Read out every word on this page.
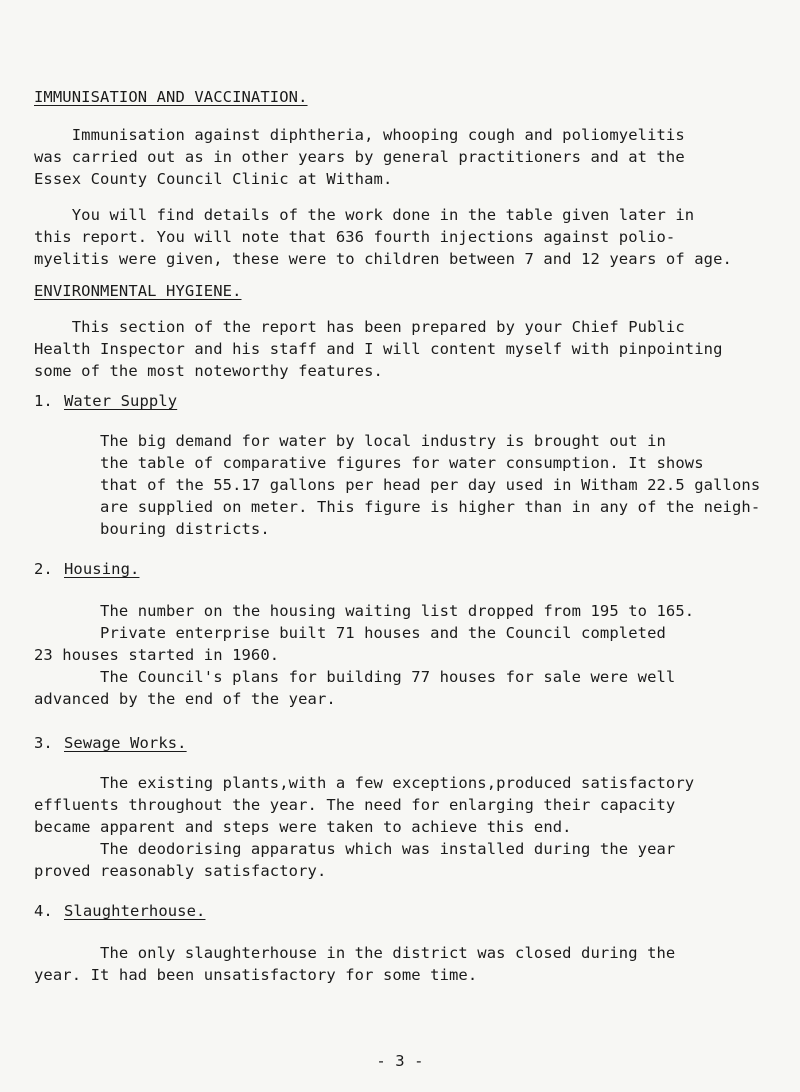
IMMUNISATION AND VACCINATION.
Immunisation against diphtheria, whooping cough and poliomyelitis
was carried out as in other years by general practitioners and at the
Essex County Council Clinic at Witham.
You will find details of the work done in the table given later in
this report. You will note that 636 fourth injections against polio-
myelitis were given, these were to children between 7 and 12 years of age.
ENVIRONMENTAL HYGIENE.
This section of the report has been prepared by your Chief Public
Health Inspector and his staff and I will content myself with pinpointing
some of the most noteworthy features.
1. Water Supply
The big demand for water by local industry is brought out in
the table of comparative figures for water consumption. It shows
that of the 55.17 gallons per head per day used in Witham 22.5 gallons
are supplied on meter. This figure is higher than in any of the neigh-
bouring districts.
2. Housing.
The number on the housing waiting list dropped from 195 to 165.
Private enterprise built 71 houses and the Council completed
23 houses started in 1960.
The Council's plans for building 77 houses for sale were well
advanced by the end of the year.
3. Sewage Works.
The existing plants,with a few exceptions,produced satisfactory
effluents throughout the year. The need for enlarging their capacity
became apparent and steps were taken to achieve this end.
The deodorising apparatus which was installed during the year
proved reasonably satisfactory.
4. Slaughterhouse.
The only slaughterhouse in the district was closed during the
year. It had been unsatisfactory for some time.
- 3 -
